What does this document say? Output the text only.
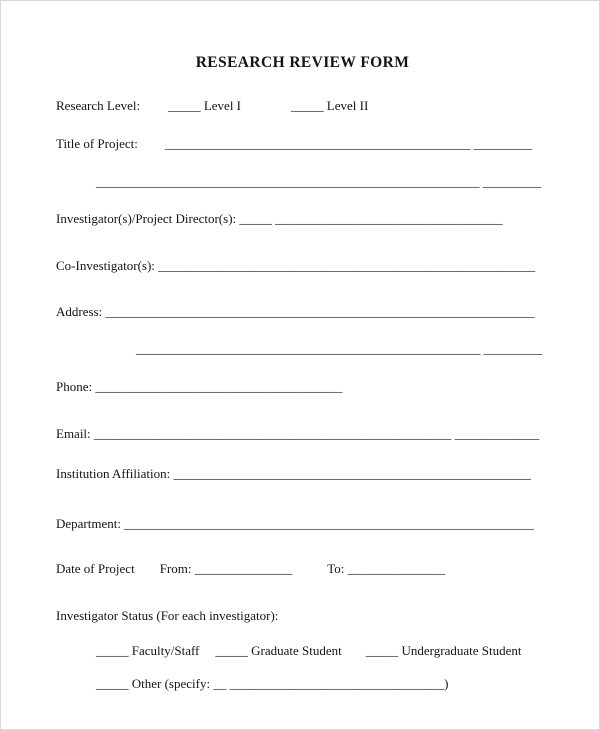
RESEARCH REVIEW FORM
Research Level: _____ Level I	_____ Level II
Title of Project: _______________________________________________ _________
___________________________________________________________ _________
Investigator(s)/Project Director(s): _____ ___________________________________
Co-Investigator(s): __________________________________________________________
Address: __________________________________________________________________
_____________________________________________________ _________
Phone: ______________________________________
Email: _______________________________________________________ _____________
Institution Affiliation: _______________________________________________________
Department: _______________________________________________________________
Date of Project From: _______________	To: _______________
Investigator Status (For each investigator):
_____ Faculty/Staff _____ Graduate Student _____ Undergraduate Student
_____ Other (specify: __ _________________________________)
